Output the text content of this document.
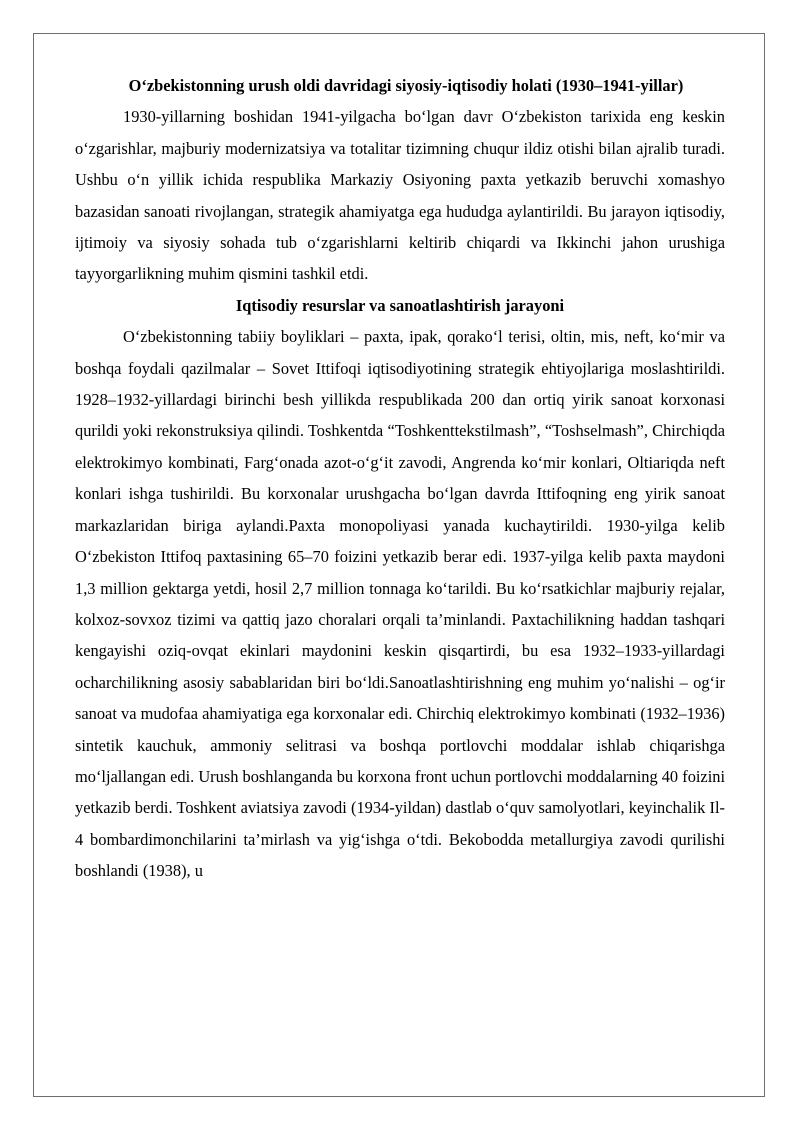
O‘zbekistonning urush oldi davridagi siyosiy-iqtisodiy holati (1930–1941-yillar)

1930-yillarning boshidan 1941-yilgacha bo‘lgan davr O‘zbekiston tarixida eng keskin o‘zgarishlar, majburiy modernizatsiya va totalitar tizimning chuqur ildiz otishi bilan ajralib turadi. Ushbu o‘n yillik ichida respublika Markaziy Osiyoning paxta yetkazib beruvchi xomashyo bazasidan sanoati rivojlangan, strategik ahamiyatga ega hududga aylantirildi. Bu jarayon iqtisodiy, ijtimoiy va siyosiy sohada tub o‘zgarishlarni keltirib chiqardi va Ikkinchi jahon urushiga tayyorgarlikning muhim qismini tashkil etdi.

Iqtisodiy resurslar va sanoatlashtirish jarayoni

O‘zbekistonning tabiiy boyliklari – paxta, ipak, qorako‘l terisi, oltin, mis, neft, ko‘mir va boshqa foydali qazilmalar – Sovet Ittifoqi iqtisodiyotining strategik ehtiyojlariga moslashtirildi. 1928–1932-yillardagi birinchi besh yillikda respublikada 200 dan ortiq yirik sanoat korxonasi qurildi yoki rekonstruksiya qilindi. Toshkentda “Toshkenttekstilmash”, “Toshselmash”, Chirchiqda elektrokimyo kombinati, Farg‘onada azot-o‘g‘it zavodi, Angrenda ko‘mir konlari, Oltiariqda neft konlari ishga tushirildi. Bu korxonalar urushgacha bo‘lgan davrda Ittifoqning eng yirik sanoat markazlaridan biriga aylandi.Paxta monopoliyasi yanada kuchaytirildi. 1930-yilga kelib O‘zbekiston Ittifoq paxtasining 65–70 foizini yetkazib berar edi. 1937-yilga kelib paxta maydoni 1,3 million gektarga yetdi, hosil 2,7 million tonnaga ko‘tarildi. Bu ko‘rsatkichlar majburiy rejalar, kolxoz-sovxoz tizimi va qattiq jazo choralari orqali ta’minlandi. Paxtachilikning haddan tashqari kengayishi oziq-ovqat ekinlari maydonini keskin qisqartirdi, bu esa 1932–1933-yillardagi ocharchilikning asosiy sabablaridan biri bo‘ldi.Sanoatlashtirishning eng muhim yo‘nalishi – og‘ir sanoat va mudofaa ahamiyatiga ega korxonalar edi. Chirchiq elektrokimyo kombinati (1932–1936) sintetik kauchuk, ammoniy selitrasi va boshqa portlovchi moddalar ishlab chiqarishga mo‘ljallangan edi. Urush boshlanganda bu korxona front uchun portlovchi moddalarning 40 foizini yetkazib berdi. Toshkent aviatsiya zavodi (1934-yildan) dastlab o‘quv samolyotlari, keyinchalik Il-4 bombardimonchilarini ta’mirlash va yig‘ishga o‘tdi. Bekobodda metallurgiya zavodi qurilishi boshlandi (1938), u
